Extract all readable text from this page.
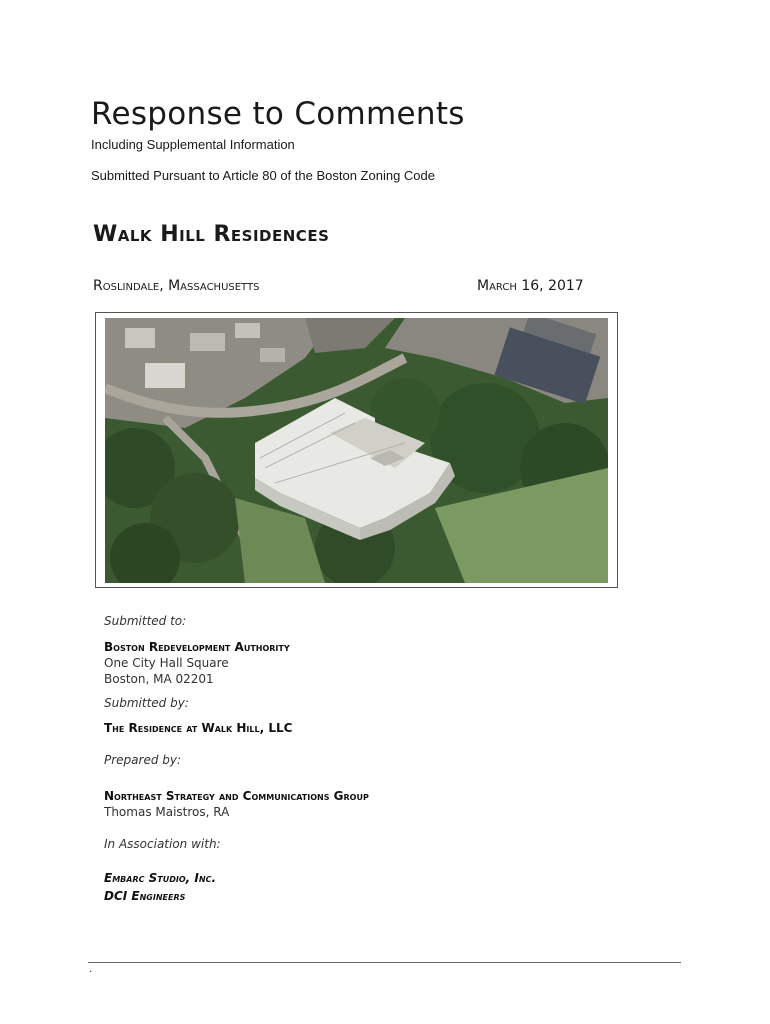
Response to Comments
Including Supplemental Information
Submitted Pursuant to Article 80 of the Boston Zoning Code
Walk Hill Residences
Roslindale, Massachusetts	March 16, 2017
Submitted to:
Boston Redevelopment Authority
One City Hall Square
Boston, MA 02201
Submitted by:
The Residence at Walk Hill, LLC
Prepared by:
Northeast Strategy and Communications Group
Thomas Maistros, RA
In Association with:
Embarc Studio, Inc.
DCI Engineers
.
